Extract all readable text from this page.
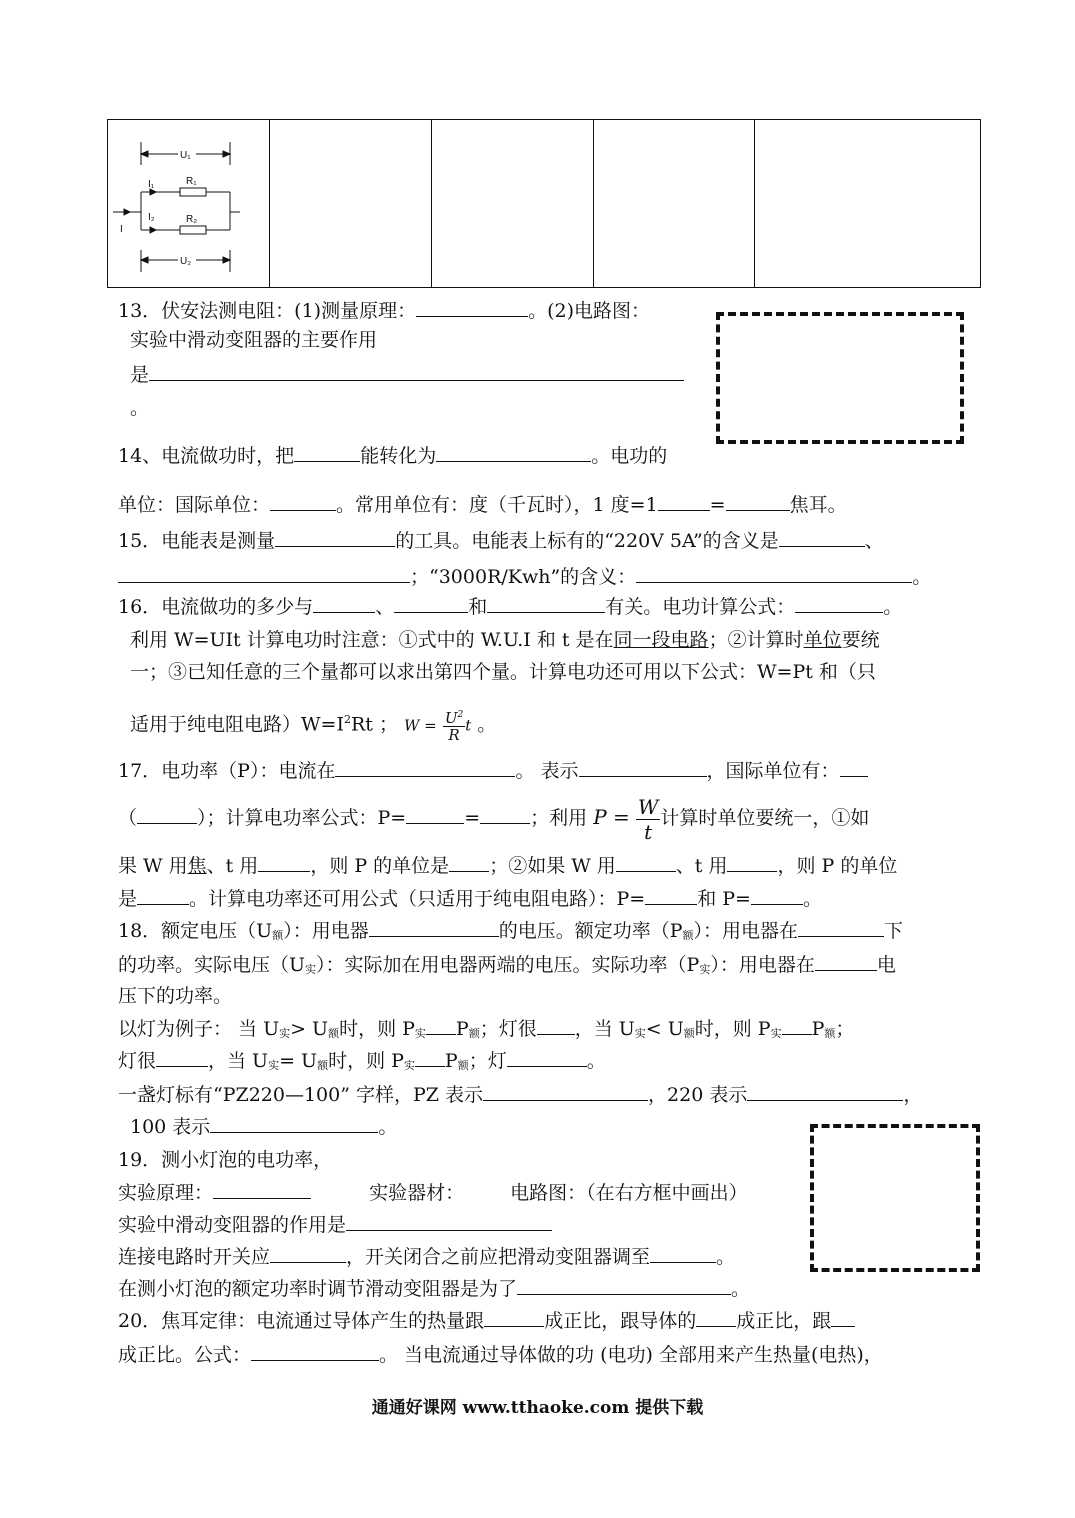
U₁
I₁	R₁
I₂	R₂
I
U₂
13．伏安法测电阻：(1)测量原理：	。(2)电路图：
实验中滑动变阻器的主要作用
是
。
14、电流做功时，把	能转化为	。电功的
单位：国际单位：	。常用单位有：度（千瓦时），1 度=1	=	焦耳。
15．电能表是测量	的工具。电能表上标有的“220V 5A”的含义是	、
；“3000R/Kwh”的含义：	。
16．电流做功的多少与	、	和	有关。电功计算公式：	。
利用 W=UIt 计算电功时注意：①式中的 W.U.I 和 t 是在同一段电路；②计算时单位要统
一；③已知任意的三个量都可以求出第四个量。计算电功还可用以下公式：W=Pt 和（只
适用于纯电阻电路）$W=I^2Rt$ ； $W = \frac{U^2}{R}t$ 。
17．电功率（P）：电流在	。 表示	，国际单位有：
（	）；计算电功率公式：P=	=	；利用 $P = \frac{W}{t}$计算时单位要统一，①如
果 W 用焦、t 用	，则 P 的单位是 ；②如果 W 用	、t 用	，则 P 的单位
是	。计算电功率还可用公式（只适用于纯电阻电路）：P=	和 P=	。
18．额定电压$(U_额)$：用电器	的电压。额定功率$(P_额)$：用电器在	下
的功率。实际电压$(U_实)$：实际加在用电器两端的电压。实际功率$(P_实)$：用电器在	电
压下的功率。
以灯为例子： 当 $U_实> U_额$时，则 $P_实$ $P_额$；灯很 ，当 $U_实< U_额$时，则 $P_实$ $P_额$；
灯很	，当 $U_实= U_额$时，则 $P_实$ $P_额$；灯	。
一盏灯标有“PZ220—100” 字样，PZ 表示	，220 表示	，
100 表示	。
19．测小灯泡的电功率，
实验原理：	实验器材： 电路图：（在右方框中画出）
实验中滑动变阻器的作用是
连接电路时开关应	，开关闭合之前应把滑动变阻器调至	。
在测小灯泡的额定功率时调节滑动变阻器是为了	。
20．焦耳定律：电流通过导体产生的热量跟	成正比，跟导体的 成正比，跟
成正比。公式：	。 当电流通过导体做的功 (电功) 全部用来产生热量(电热)，
通通好课网 www.tthaoke.com 提供下载
